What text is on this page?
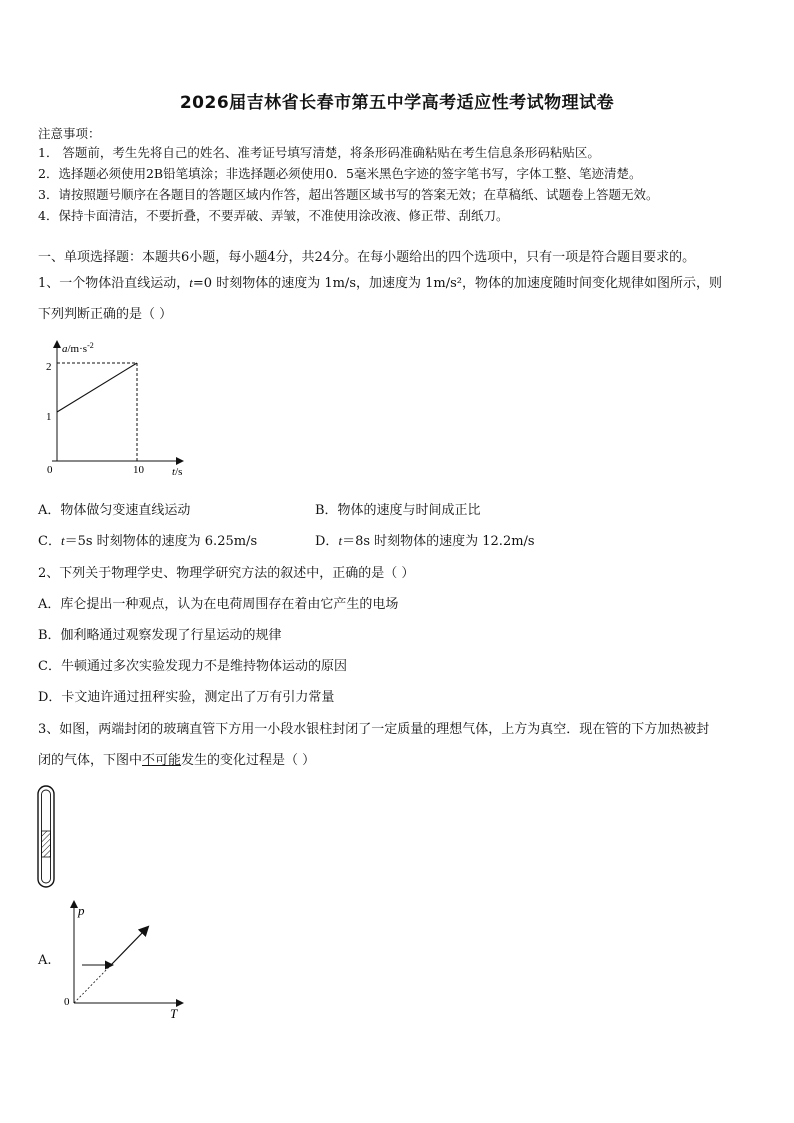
2026届吉林省长春市第五中学高考适应性考试物理试卷
注意事项：
1． 答题前，考生先将自己的姓名、准考证号填写清楚，将条形码准确粘贴在考生信息条形码粘贴区。
2．选择题必须使用2B铅笔填涂；非选择题必须使用0．5毫米黑色字迹的签字笔书写，字体工整、笔迹清楚。
3．请按照题号顺序在各题目的答题区域内作答，超出答题区域书写的答案无效；在草稿纸、试题卷上答题无效。
4．保持卡面清洁，不要折叠，不要弄破、弄皱，不准使用涂改液、修正带、刮纸刀。
一、单项选择题：本题共6小题，每小题4分，共24分。在每小题给出的四个选项中，只有一项是符合题目要求的。
1、一个物体沿直线运动，t=0 时刻物体的速度为 1m/s，加速度为 1m/s²，物体的加速度随时间变化规律如图所示，则
下列判断正确的是（ ）
$a/m\cdot s^{-2}$
2
1
0	10	t/s
A．物体做匀变速直线运动	B．物体的速度与时间成正比
C．t＝5s 时刻物体的速度为 6.25m/s	D．t＝8s 时刻物体的速度为 12.2m/s
2、下列关于物理学史、物理学研究方法的叙述中，正确的是（ ）
A．库仑提出一种观点，认为在电荷周围存在着由它产生的电场
B．伽利略通过观察发现了行星运动的规律
C．牛顿通过多次实验发现力不是维持物体运动的原因
D．卡文迪许通过扭秤实验，测定出了万有引力常量
3、如图，两端封闭的玻璃直管下方用一小段水银柱封闭了一定质量的理想气体，上方为真空．现在管的下方加热被封
闭的气体，下图中不可能发生的变化过程是（ ）
A.
p
0
T
